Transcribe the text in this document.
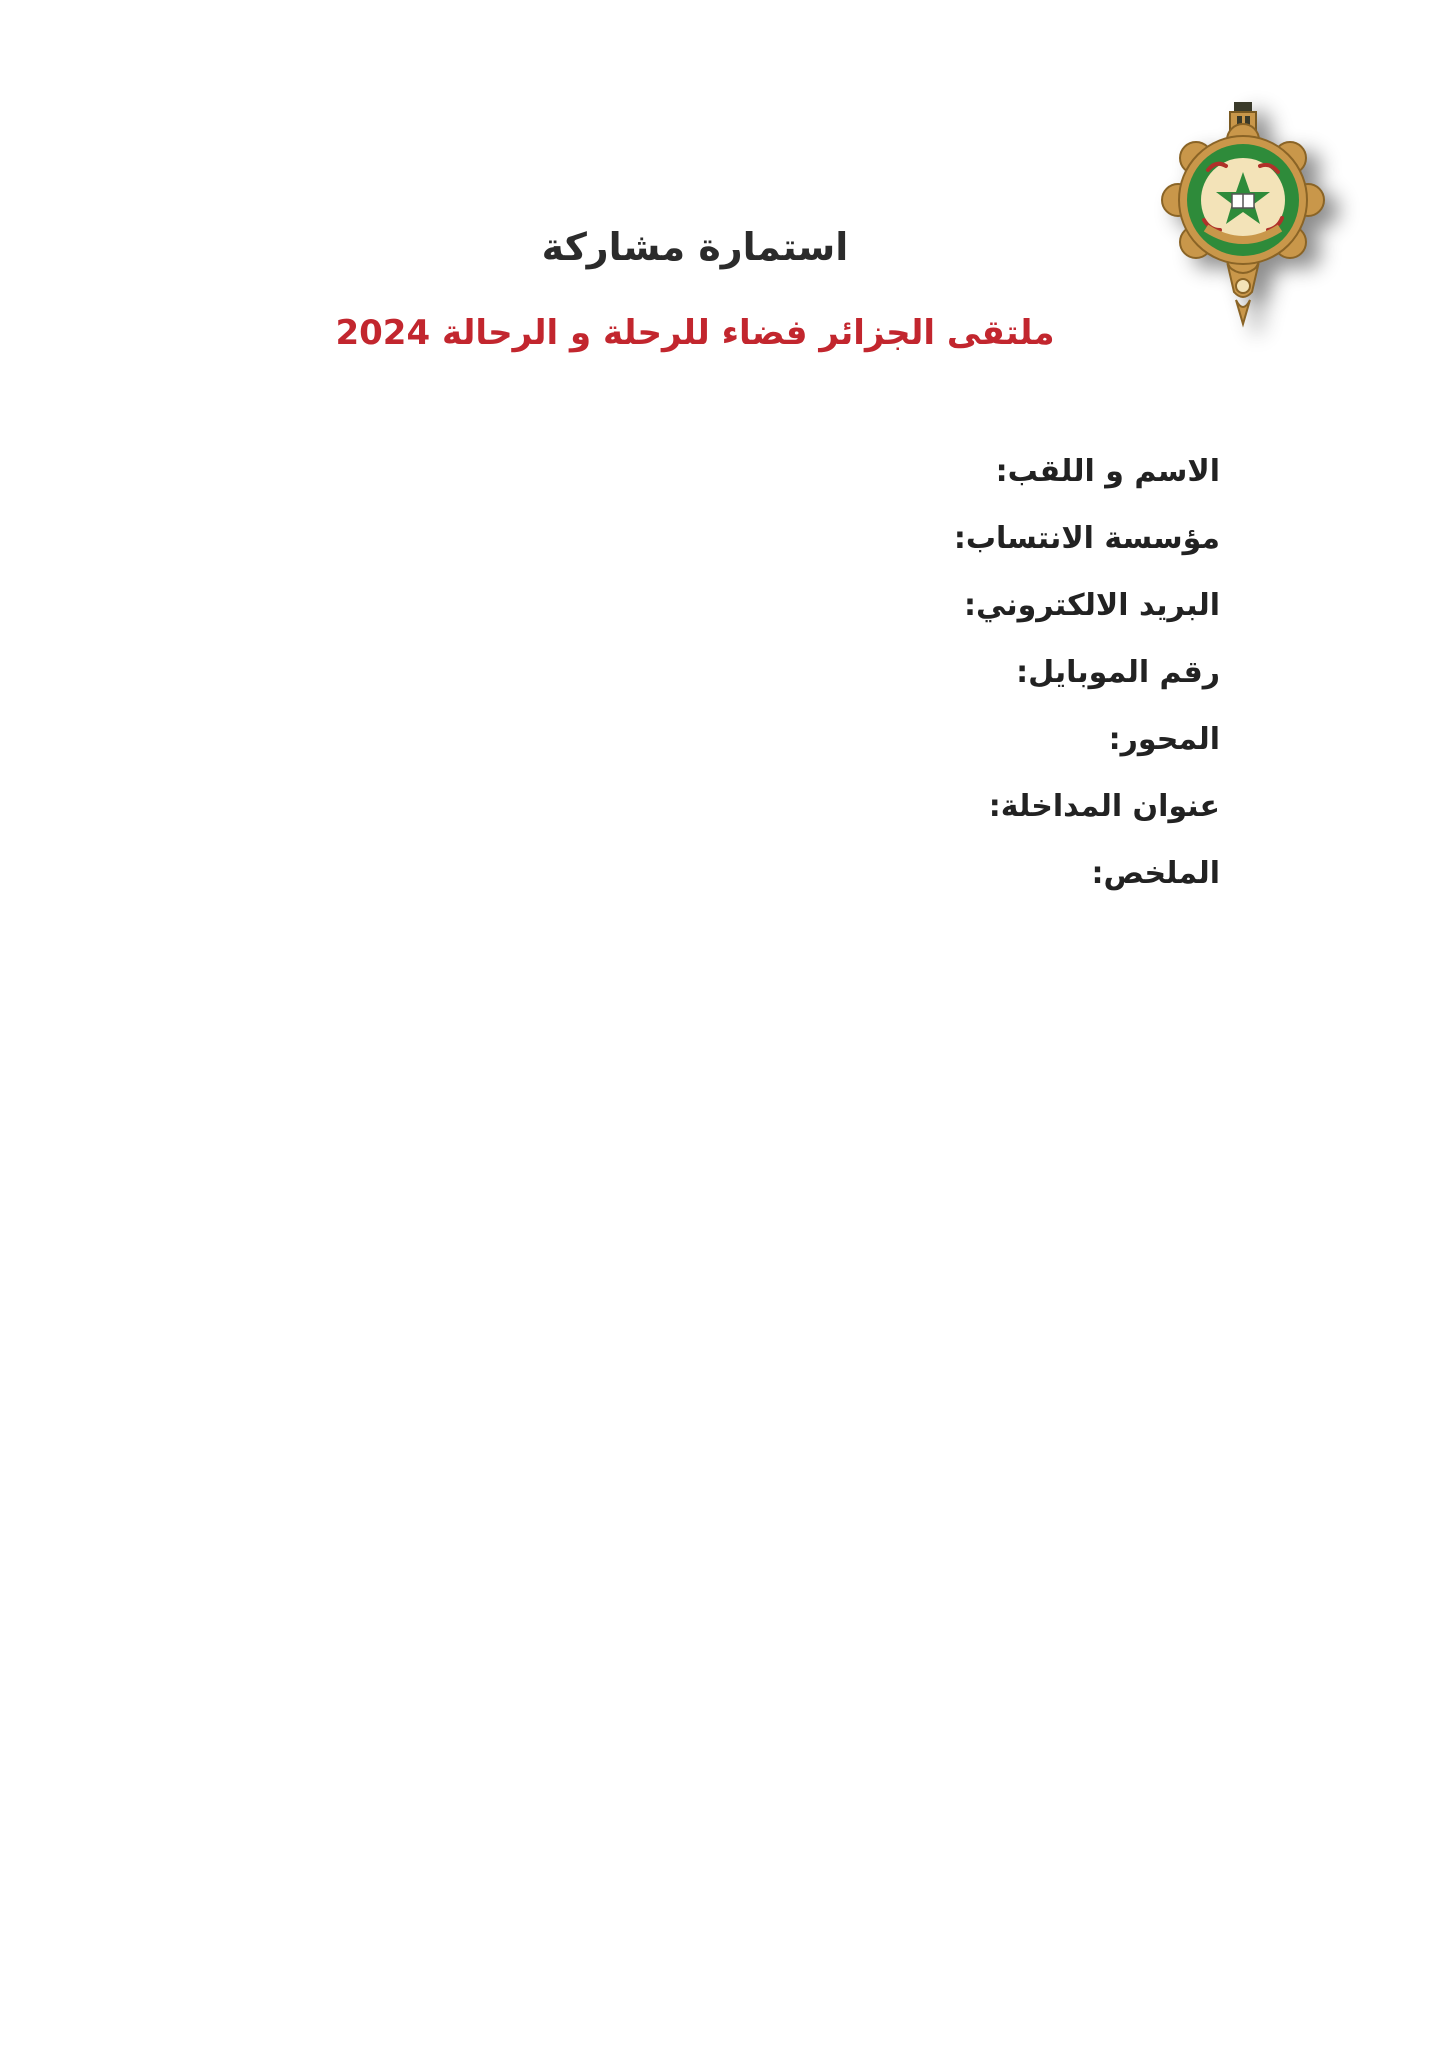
استمارة مشاركة
ملتقى الجزائر فضاء للرحلة و الرحالة 2024
الاسم و اللقب:
مؤسسة الانتساب:
البريد الالكتروني:
رقم الموبايل:
المحور:
عنوان المداخلة:
الملخص:
